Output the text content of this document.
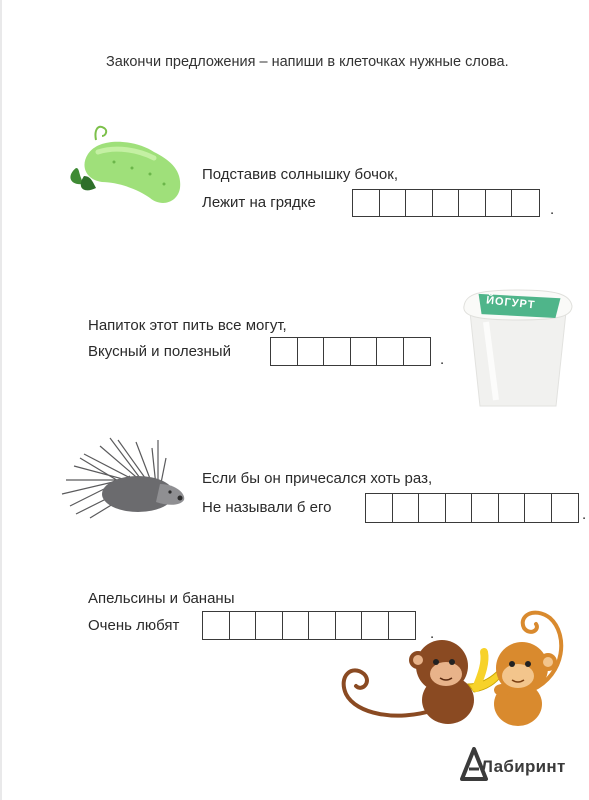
Закончи предложения – напиши в клеточках нужные слова.
Подставив солнышку бочок,
Лежит на грядке	.
Напиток этот пить все могут,
Вкусный и полезный	.
ЙОГУРТ
Если бы он причесался хоть раз,
Не называли б его	.
Апельсины и бананы
Очень любят	.
Лабиринт
